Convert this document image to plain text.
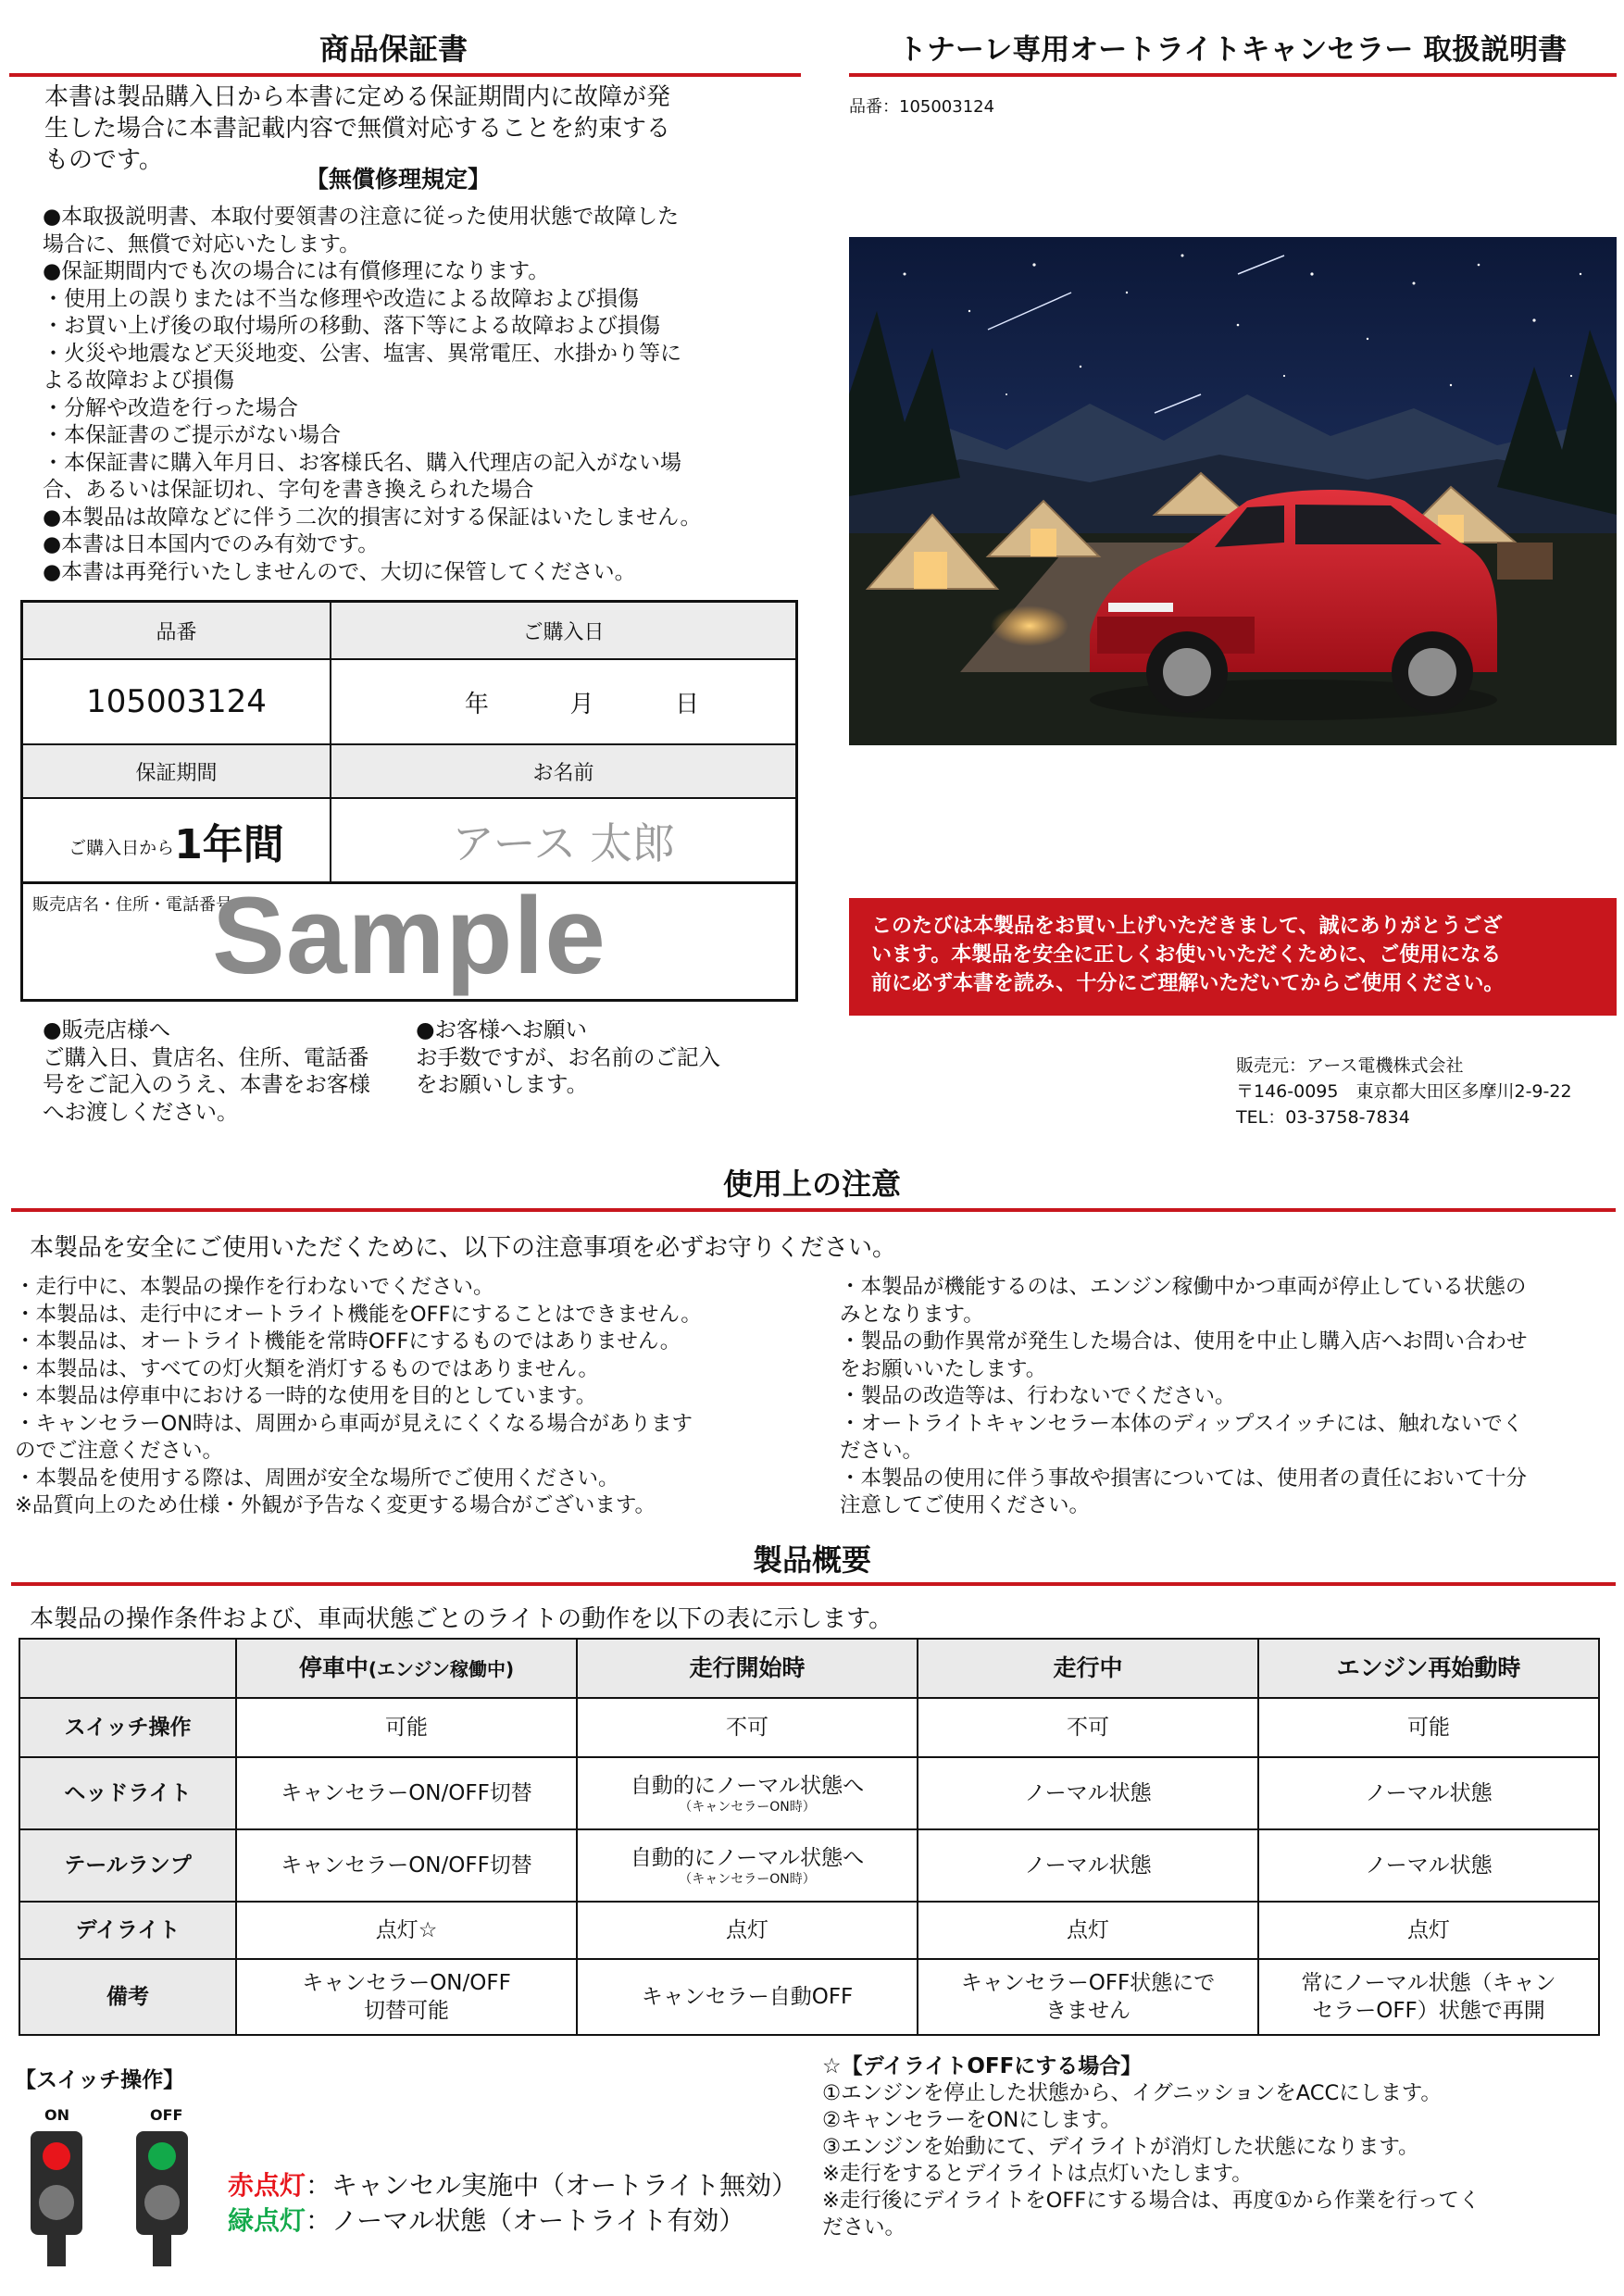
商品保証書
本書は製品購入日から本書に定める保証期間内に故障が発
生した場合に本書記載内容で無償対応することを約束する
ものです。
【無償修理規定】
●本取扱説明書、本取付要領書の注意に従った使用状態で故障した
場合に、無償で対応いたします。
●保証期間内でも次の場合には有償修理になります。
・使用上の誤りまたは不当な修理や改造による故障および損傷
・お買い上げ後の取付場所の移動、落下等による故障および損傷
・火災や地震など天災地変、公害、塩害、異常電圧、水掛かり等に
よる故障および損傷
・分解や改造を行った場合
・本保証書のご提示がない場合
・本保証書に購入年月日、お客様氏名、購入代理店の記入がない場
合、あるいは保証切れ、字句を書き換えられた場合
●本製品は故障などに伴う二次的損害に対する保証はいたしません。
●本書は日本国内でのみ有効です。
●本書は再発行いたしませんので、大切に保管してください。
品番	ご購入日
105003124	年	月	日
保証期間	お名前
ご購入日から 1年間	アース 太郎
販売店名・住所・電話番号
Sample
●販売店様へ
ご購入日、貴店名、住所、電話番
号をご記入のうえ、本書をお客様
へお渡しください。
●お客様へお願い
お手数ですが、お名前のご記入
をお願いします。
トナーレ専用オートライトキャンセラー 取扱説明書
品番：105003124
このたびは本製品をお買い上げいただきまして、誠にありがとうござ
います。本製品を安全に正しくお使いいただくために、ご使用になる
前に必ず本書を読み、十分にご理解いただいてからご使用ください。
販売元：アース電機株式会社
〒146-0095　東京都大田区多摩川2-9-22
TEL：03-3758-7834
使用上の注意
本製品を安全にご使用いただくために、以下の注意事項を必ずお守りください。
・走行中に、本製品の操作を行わないでください。
・本製品は、走行中にオートライト機能をOFFにすることはできません。
・本製品は、オートライト機能を常時OFFにするものではありません。
・本製品は、すべての灯火類を消灯するものではありません。
・本製品は停車中における一時的な使用を目的としています。
・キャンセラーON時は、周囲から車両が見えにくくなる場合があります
のでご注意ください。
・本製品を使用する際は、周囲が安全な場所でご使用ください。
※品質向上のため仕様・外観が予告なく変更する場合がございます。
・本製品が機能するのは、エンジン稼働中かつ車両が停止している状態の
みとなります。
・製品の動作異常が発生した場合は、使用を中止し購入店へお問い合わせ
をお願いいたします。
・製品の改造等は、行わないでください。
・オートライトキャンセラー本体のディップスイッチには、触れないでく
ださい。
・本製品の使用に伴う事故や損害については、使用者の責任において十分
注意してご使用ください。
製品概要
本製品の操作条件および、車両状態ごとのライトの動作を以下の表に示します。
	停車中(エンジン稼働中)	走行開始時	走行中	エンジン再始動時
スイッチ操作	可能	不可	不可	可能
ヘッドライト	キャンセラーON/OFF切替	自動的にノーマル状態へ
（キャンセラーON時）	ノーマル状態	ノーマル状態
テールランプ	キャンセラーON/OFF切替	自動的にノーマル状態へ
（キャンセラーON時）	ノーマル状態	ノーマル状態
デイライト	点灯☆	点灯	点灯	点灯
備考	キャンセラーON/OFF
切替可能	キャンセラー自動OFF	キャンセラーOFF状態にで
きません	常にノーマル状態（キャン
セラーOFF）状態で再開
【スイッチ操作】
ON	OFF
赤点灯：キャンセル実施中（オートライト無効）
緑点灯：ノーマル状態（オートライト有効）
☆【デイライトOFFにする場合】
①エンジンを停止した状態から、イグニッションをACCにします。
②キャンセラーをONにします。
③エンジンを始動にて、デイライトが消灯した状態になります。
※走行をするとデイライトは点灯いたします。
※走行後にデイライトをOFFにする場合は、再度①から作業を行ってく
ださい。
